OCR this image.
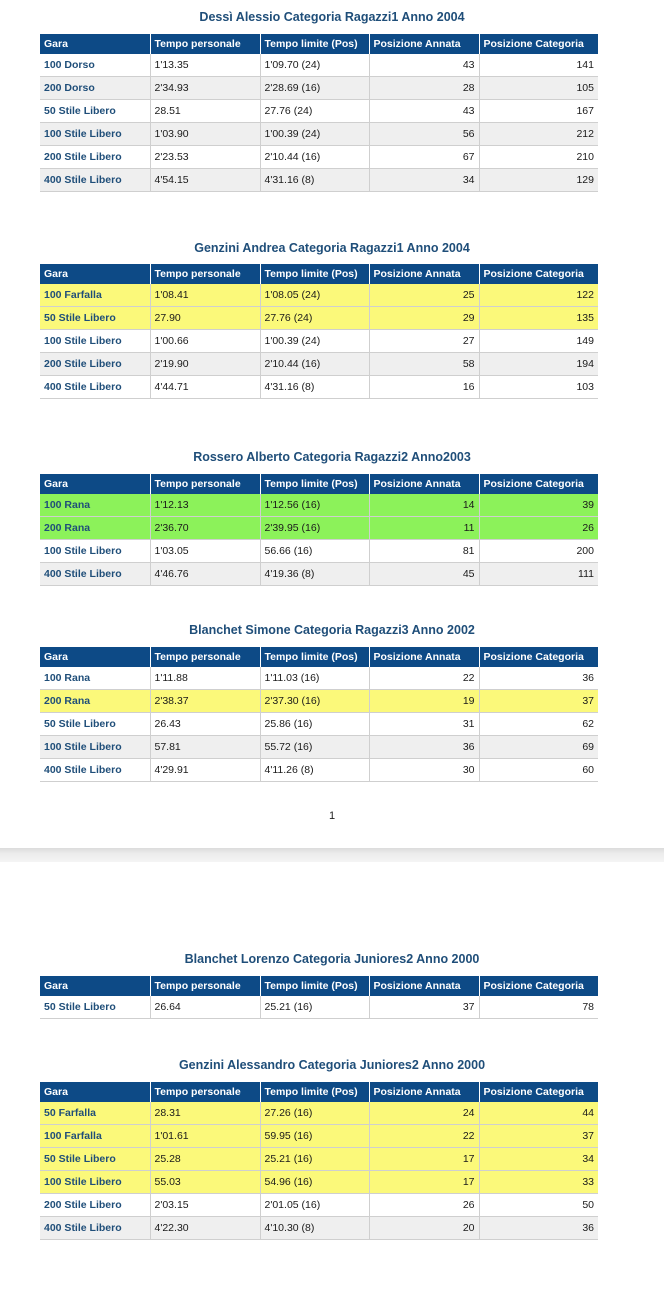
Dessì Alessio Categoria Ragazzi1 Anno 2004
Gara	Tempo personale	Tempo limite (Pos)	Posizione Annata	Posizione Categoria
100 Dorso	1'13.35	1'09.70 (24)	43	141
200 Dorso	2'34.93	2'28.69 (16)	28	105
50 Stile Libero	28.51	27.76 (24)	43	167
100 Stile Libero	1'03.90	1'00.39 (24)	56	212
200 Stile Libero	2'23.53	2'10.44 (16)	67	210
400 Stile Libero	4'54.15	4'31.16 (8)	34	129
Genzini Andrea Categoria Ragazzi1 Anno 2004
Gara	Tempo personale	Tempo limite (Pos)	Posizione Annata	Posizione Categoria
100 Farfalla	1'08.41	1'08.05 (24)	25	122
50 Stile Libero	27.90	27.76 (24)	29	135
100 Stile Libero	1'00.66	1'00.39 (24)	27	149
200 Stile Libero	2'19.90	2'10.44 (16)	58	194
400 Stile Libero	4'44.71	4'31.16 (8)	16	103
Rossero Alberto Categoria Ragazzi2 Anno2003
Gara	Tempo personale	Tempo limite (Pos)	Posizione Annata	Posizione Categoria
100 Rana	1'12.13	1'12.56 (16)	14	39
200 Rana	2'36.70	2'39.95 (16)	11	26
100 Stile Libero	1'03.05	56.66 (16)	81	200
400 Stile Libero	4'46.76	4'19.36 (8)	45	111
Blanchet Simone Categoria Ragazzi3 Anno 2002
Gara	Tempo personale	Tempo limite (Pos)	Posizione Annata	Posizione Categoria
100 Rana	1'11.88	1'11.03 (16)	22	36
200 Rana	2'38.37	2'37.30 (16)	19	37
50 Stile Libero	26.43	25.86 (16)	31	62
100 Stile Libero	57.81	55.72 (16)	36	69
400 Stile Libero	4'29.91	4'11.26 (8)	30	60
1
Blanchet Lorenzo Categoria Juniores2 Anno 2000
Gara	Tempo personale	Tempo limite (Pos)	Posizione Annata	Posizione Categoria
50 Stile Libero	26.64	25.21 (16)	37	78
Genzini Alessandro Categoria Juniores2 Anno 2000
Gara	Tempo personale	Tempo limite (Pos)	Posizione Annata	Posizione Categoria
50 Farfalla	28.31	27.26 (16)	24	44
100 Farfalla	1'01.61	59.95 (16)	22	37
50 Stile Libero	25.28	25.21 (16)	17	34
100 Stile Libero	55.03	54.96 (16)	17	33
200 Stile Libero	2'03.15	2'01.05 (16)	26	50
400 Stile Libero	4'22.30	4'10.30 (8)	20	36
